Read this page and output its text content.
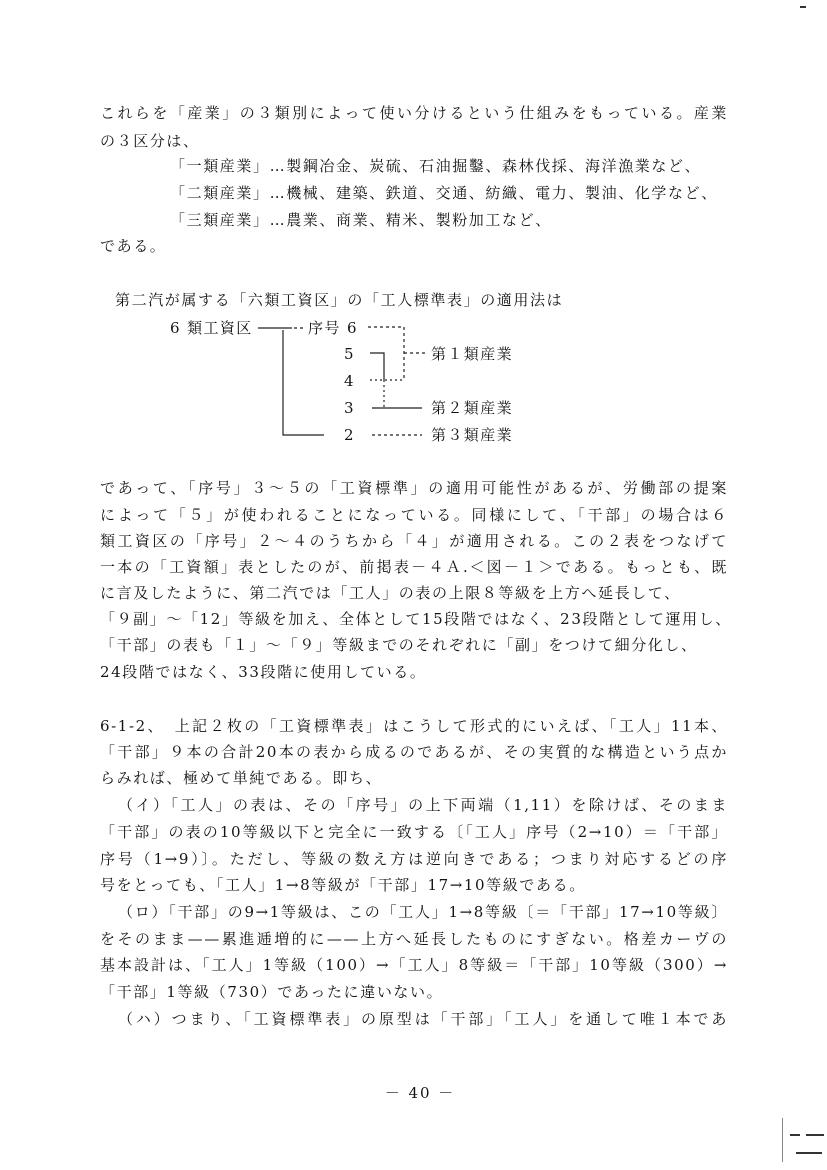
これらを「産業」の３類別によって使い分けるという仕組みをもっている。産業
の３区分は、
「一類産業」…製鋼冶金、炭硫、石油掘鑿、森林伐採、海洋漁業など、
「二類産業」…機械、建築、鉄道、交通、紡織、電力、製油、化学など、
「三類産業」…農業、商業、精米、製粉加工など、
である。
第二汽が属する「六類工資区」の「工人標準表」の適用法は
6 類工資区	序号 6
5
4
3
2
第１類産業
第２類産業
第３類産業
であって、「序号」３～５の「工資標準」の適用可能性があるが、労働部の提案
によって「５」が使われることになっている。同様にして、「干部」の場合は６
類工資区の「序号」２～４のうちから「４」が適用される。この２表をつなげて
一本の「工資額」表としたのが、前掲表－４Ａ.＜図－１＞である。もっとも、既
に言及したように、第二汽では「工人」の表の上限８等級を上方へ延長して、
「９副」～「12」等級を加え、全体として15段階ではなく、23段階として運用し、
「干部」の表も「１」～「９」等級までのそれぞれに「副」をつけて細分化し、
24段階ではなく、33段階に使用している。
6-1-2、　上記２枚の「工資標準表」はこうして形式的にいえば、「工人」11本、
「干部」９本の合計20本の表から成るのであるが、その実質的な構造という点か
らみれば、極めて単純である。即ち、
（イ）「工人」の表は、その「序号」の上下両端（1,11）を除けば、そのまま
「干部」の表の10等級以下と完全に一致する〔「工人」序号（2→10）＝「干部」
序号（1→9）〕。ただし、等級の数え方は逆向きである；つまり対応するどの序
号をとっても、「工人」1→8等級が「干部」17→10等級である。
（ロ）「干部」の9→1等級は、この「工人」1→8等級〔＝「干部」17→10等級〕
をそのまま——累進逓増的に——上方へ延長したものにすぎない。格差カーヴの
基本設計は、「工人」1等級（100）→「工人」8等級＝「干部」10等級（300）→
「干部」1等級（730）であったに違いない。
（ハ）つまり、「工資標準表」の原型は「干部」「工人」を通して唯１本であ
－ 40 －
